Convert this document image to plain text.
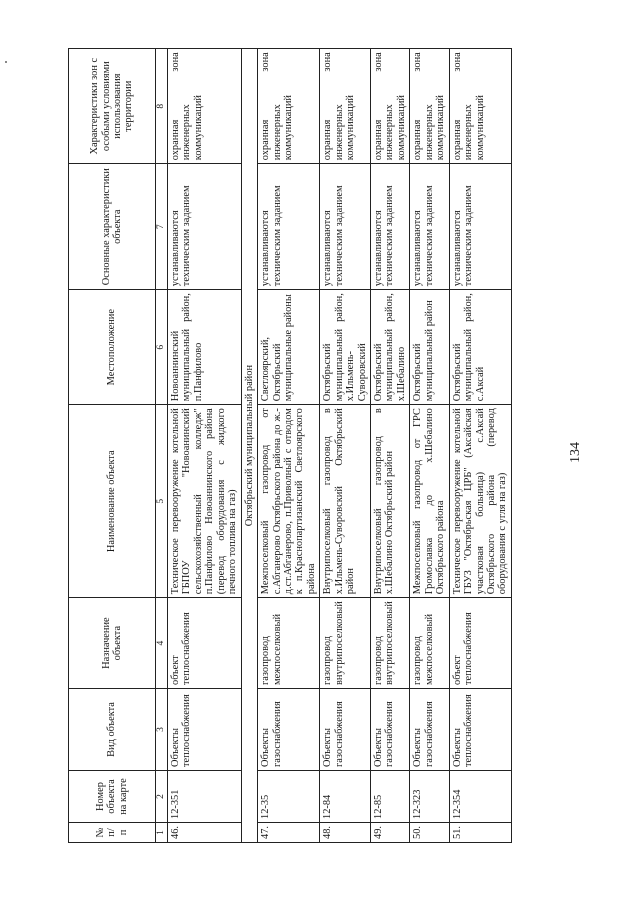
134
№ п/п	Номер объекта на карте	Вид объекта	Назначение объекта	Наименование объекта	Местоположение	Основные характеристики объекта	Характеристики зон с особыми условиями использования территории
1	2	3	4	5	6	7	8
46.	12-351	Объекты теплоснабжения	объект теплоснабжения	Техническое перевооружение котельной ГБПОУ "Новоанинский сельскохозяйственный колледж" п.Панфилово Новоаннинского района (перевод оборудования с жидкого печного топлива на газ)	Новоаннинский муниципальный район, п.Панфилово	устанавливаются техническим заданием	охранная зона инженерных коммуникаций
Октябрьский муниципальный район							
47.	12-35	Объекты газоснабжения	газопровод межпоселковый	Межпоселковый газопровод от с.Абганерово Октябрьского района до ж.-д.ст.Абганерово, п.Приволный с отводом к п.Краснопартизанский Светлоярского района	Светлоярский, Октябрьский муниципальные районы	устанавливаются техническим заданием	охранная зона инженерных коммуникаций
48.	12-84	Объекты газоснабжения	газопровод внутрипоселковый	Внутрипоселковый газопровод в х.Ильмень-Суворовский Октябрьский район	Октябрьский муниципальный район, х.Ильмень-Суворовский	устанавливаются техническим заданием	охранная зона инженерных коммуникаций
49.	12-85	Объекты газоснабжения	газопровод внутрипоселковый	Внутрипоселковый газопровод в х.Шебалино Октябрьский район	Октябрьский муниципальный район, х.Шебалино	устанавливаются техническим заданием	охранная зона инженерных коммуникаций
50.	12-323	Объекты газоснабжения	газопровод межпоселковый	Межпоселковый газопровод от ГРС Громославка до х.Шебалино Октябрьского района	Октябрьский муниципальный район	устанавливаются техническим заданием	охранная зона инженерных коммуникаций
51.	12-354	Объекты теплоснабжения	объект теплоснабжения	Техническое перевооружение котельной ГБУЗ "Октябрьская ЦРБ" (Аксайская участковая больница) с.Аксай Октябрьского района (перевод оборудования с угля на газ)	Октябрьский муниципальный район, с.Аксай	устанавливаются техническим заданием	охранная зона инженерных коммуникаций
